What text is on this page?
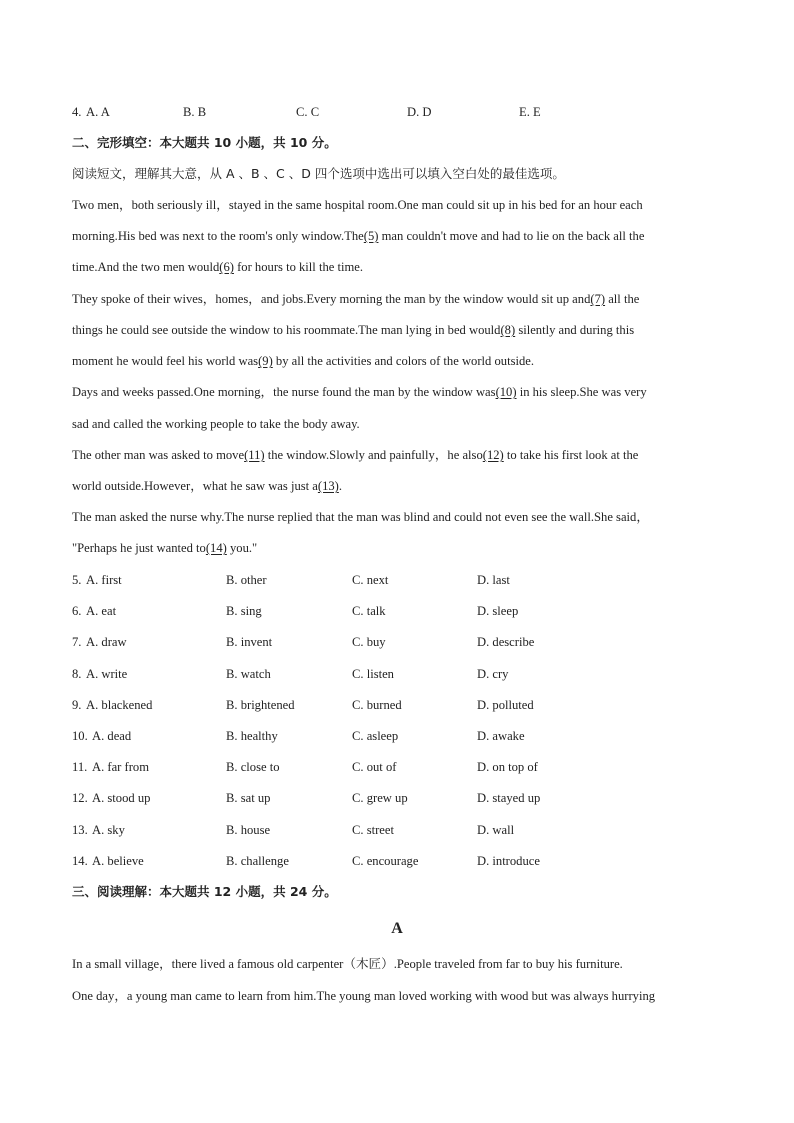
4. A. A	B. B	C. C	D. D	E. E
二、完形填空：本大题共 10 小题，共 10 分。
阅读短文，理解其大意，从 A 、B 、C 、D 四个选项中选出可以填入空白处的最佳选项。
Two men，both seriously ill，stayed in the same hospital room.One man could sit up in his bed for an hour each
morning.His bed was next to the room's only window.The(5) man couldn't move and had to lie on the back all the
time.And the two men would(6) for hours to kill the time.
They spoke of their wives，homes，and jobs.Every morning the man by the window would sit up and(7) all the
things he could see outside the window to his roommate.The man lying in bed would(8) silently and during this
moment he would feel his world was(9) by all the activities and colors of the world outside.
Days and weeks passed.One morning，the nurse found the man by the window was(10) in his sleep.She was very
sad and called the working people to take the body away.
The other man was asked to move(11) the window.Slowly and painfully，he also(12) to take his first look at the
world outside.However，what he saw was just a(13).
The man asked the nurse why.The nurse replied that the man was blind and could not even see the wall.She said，
"Perhaps he just wanted to(14) you."
5. A. first	B. other	C. next	D. last
6. A. eat	B. sing	C. talk	D. sleep
7. A. draw	B. invent	C. buy	D. describe
8. A. write	B. watch	C. listen	D. cry
9. A. blackened	B. brightened	C. burned	D. polluted
10. A. dead	B. healthy	C. asleep	D. awake
11. A. far from	B. close to	C. out of	D. on top of
12. A. stood up	B. sat up	C. grew up	D. stayed up
13. A. sky	B. house	C. street	D. wall
14. A. believe	B. challenge	C. encourage	D. introduce
三、阅读理解：本大题共 12 小题，共 24 分。
A
In a small village，there lived a famous old carpenter（木匠）.People traveled from far to buy his furniture.
One day，a young man came to learn from him.The young man loved working with wood but was always hurrying
